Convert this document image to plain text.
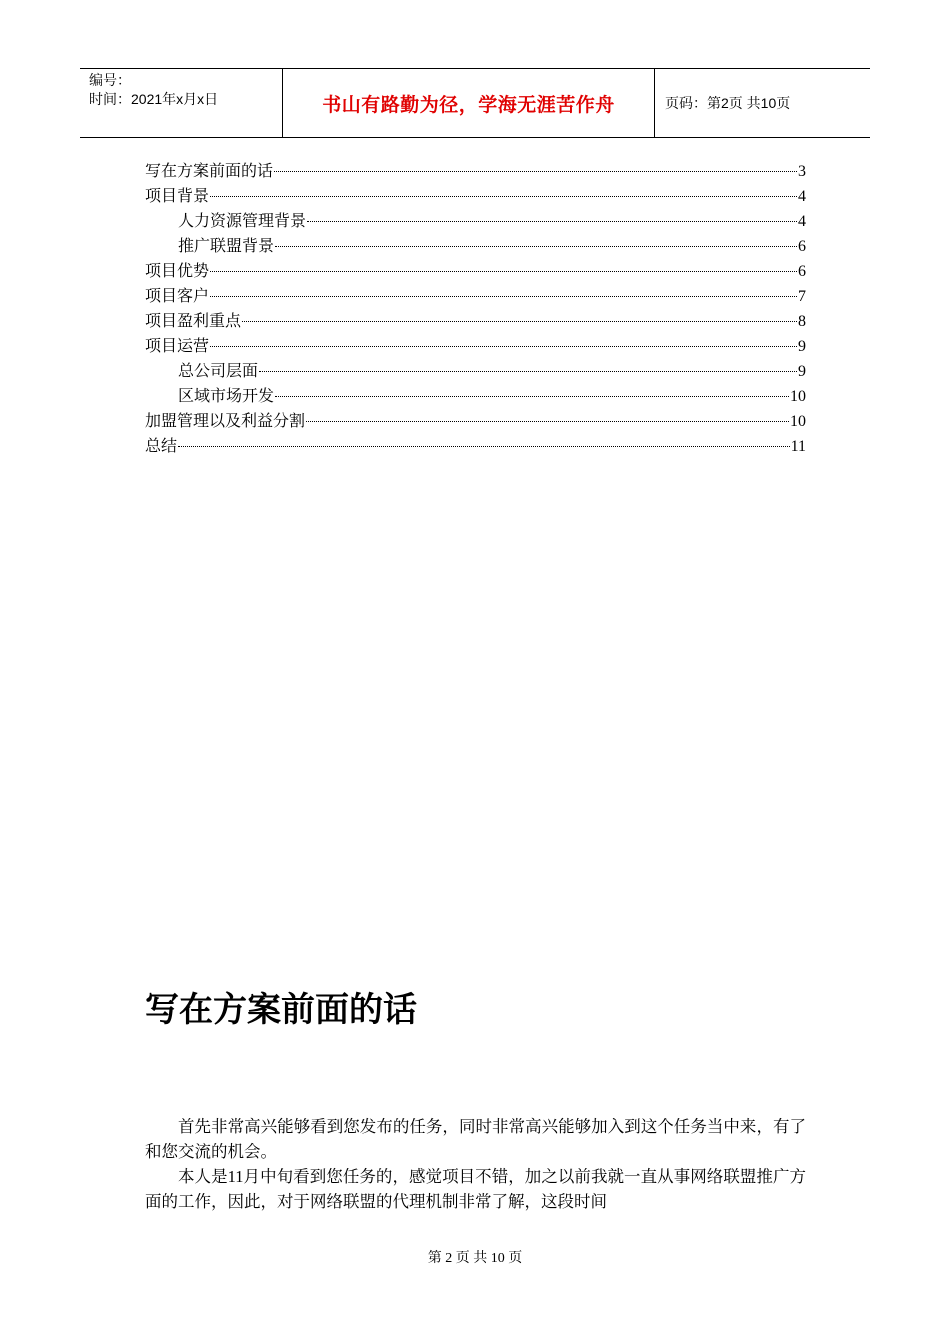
编号：
时间：2021年x月x日	书山有路勤为径，学海无涯苦作舟	页码：第2页 共10页
写在方案前面的话	3
项目背景	4
人力资源管理背景	4
推广联盟背景	6
项目优势	6
项目客户	7
项目盈利重点	8
项目运营	9
总公司层面	9
区域市场开发	10
加盟管理以及利益分割	10
总结	11
写在方案前面的话

首先非常高兴能够看到您发布的任务，同时非常高兴能够加入到这个任务当中来，有了和您交流的机会。

本人是11月中旬看到您任务的，感觉项目不错，加之以前我就一直从事网络联盟推广方面的工作，因此，对于网络联盟的代理机制非常了解，这段时间

第 2 页 共 10 页
